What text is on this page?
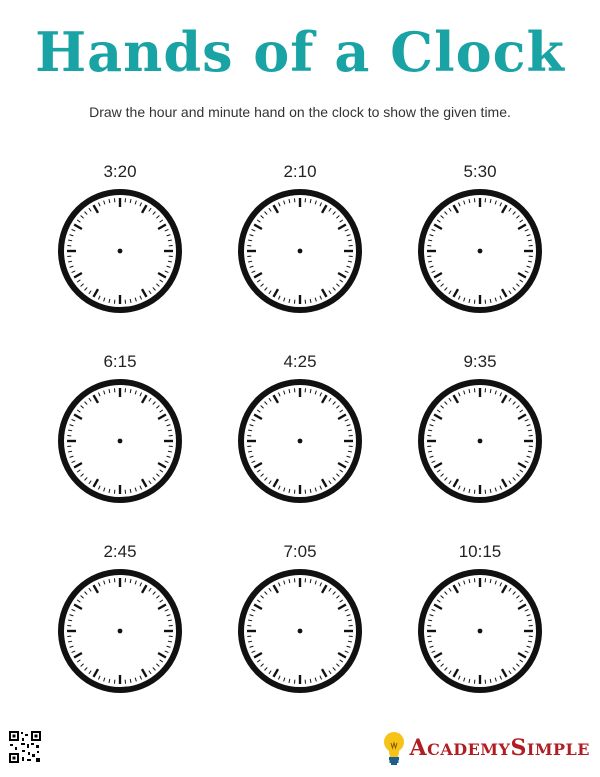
Hands of a Clock

Draw the hour and minute hand on the clock to show the given time.

3:20	2:10	5:30
6:15	4:25	9:35
2:45	7:05	10:15
ACADEMYSIMPLE
